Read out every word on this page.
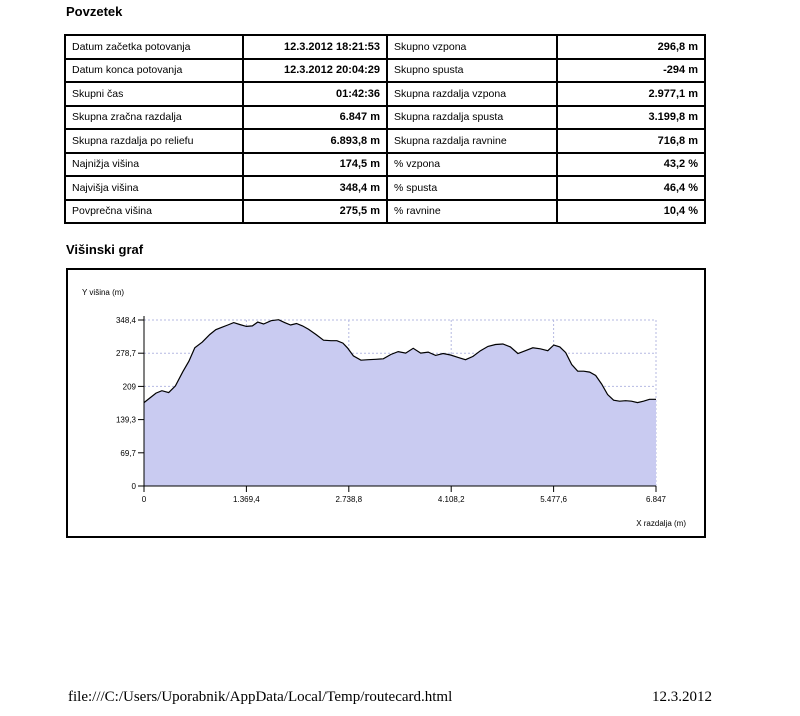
Povzetek
Datum začetka potovanja	12.3.2012 18:21:53	Skupno vzpona	296,8 m
Datum konca potovanja	12.3.2012 20:04:29	Skupno spusta	-294 m
Skupni čas	01:42:36	Skupna razdalja vzpona	2.977,1 m
Skupna zračna razdalja	6.847 m	Skupna razdalja spusta	3.199,8 m
Skupna razdalja po reliefu	6.893,8 m	Skupna razdalja ravnine	716,8 m
Najnižja višina	174,5 m	% vzpona	43,2 %
Najvišja višina	348,4 m	% spusta	46,4 %
Povprečna višina	275,5 m	% ravnine	10,4 %
Višinski graf
0
69,7
139,3
209
278,7
348,4
0	1.369,4	2.738,8	4.108,2	5.477,6	6.847
Y višina (m)
X razdalja (m)
file:///C:/Users/Uporabnik/AppData/Local/Temp/routecard.html	12.3.2012
